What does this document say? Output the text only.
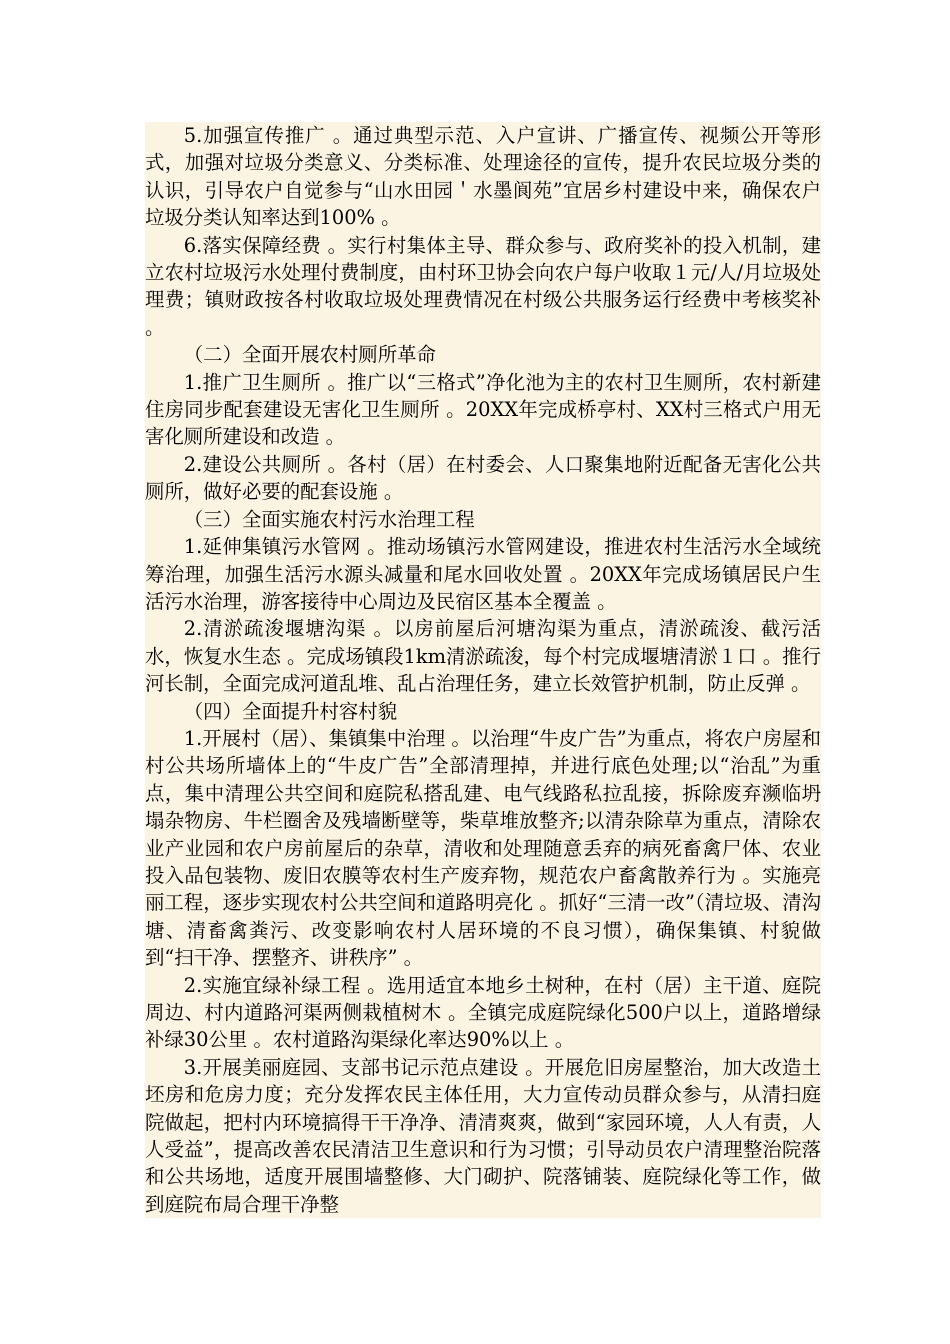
5.加强宣传推广 。通过典型示范、入户宣讲、广播宣传、视频公开等形式，加强对垃圾分类意义、分类标准、处理途径的宣传，提升农民垃圾分类的认识，引导农户自觉参与“山水田园＇水墨阆苑”宜居乡村建设中来，确保农户垃圾分类认知率达到100% 。

6.落实保障经费 。实行村集体主导、群众参与、政府奖补的投入机制，建立农村垃圾污水处理付费制度，由村环卫协会向农户每户收取１元/人/月垃圾处理费；镇财政按各村收取垃圾处理费情况在村级公共服务运行经费中考核奖补 。

（二）全面开展农村厕所革命

1.推广卫生厕所 。推广以“三格式”净化池为主的农村卫生厕所，农村新建住房同步配套建设无害化卫生厕所 。20XX年完成桥亭村、XX村三格式户用无害化厕所建设和改造 。

2.建设公共厕所 。各村（居）在村委会、人口聚集地附近配备无害化公共厕所，做好必要的配套设施 。

（三）全面实施农村污水治理工程

1.延伸集镇污水管网 。推动场镇污水管网建设，推进农村生活污水全域统筹治理，加强生活污水源头减量和尾水回收处置 。20XX年完成场镇居民户生活污水治理，游客接待中心周边及民宿区基本全覆盖 。

2.清淤疏浚堰塘沟渠 。以房前屋后河塘沟渠为重点，清淤疏浚、截污活水，恢复水生态 。完成场镇段1km清淤疏浚，每个村完成堰塘清淤１口 。推行河长制，全面完成河道乱堆、乱占治理任务，建立长效管护机制，防止反弹 。

（四）全面提升村容村貌

1.开展村（居）、集镇集中治理 。以治理“牛皮广告”为重点，将农户房屋和村公共场所墙体上的“牛皮广告”全部清理掉，并进行底色处理;以“治乱”为重点，集中清理公共空间和庭院私搭乱建、电气线路私拉乱接，拆除废弃濒临坍塌杂物房、牛栏圈舍及残墙断壁等，柴草堆放整齐;以清杂除草为重点，清除农业产业园和农户房前屋后的杂草，清收和处理随意丢弃的病死畜禽尸体、农业投入品包装物、废旧农膜等农村生产废弃物，规范农户畜禽散养行为 。实施亮丽工程，逐步实现农村公共空间和道路明亮化 。抓好“三清一改”（清垃圾、清沟塘、清畜禽粪污、改变影响农村人居环境的不良习惯），确保集镇、村貌做到“扫干净、摆整齐、讲秩序” 。

2.实施宜绿补绿工程 。选用适宜本地乡土树种，在村（居）主干道、庭院周边、村内道路河渠两侧栽植树木 。全镇完成庭院绿化500户以上，道路增绿补绿30公里 。农村道路沟渠绿化率达90%以上 。

3.开展美丽庭园、支部书记示范点建设 。开展危旧房屋整治，加大改造土坯房和危房力度；充分发挥农民主体任用，大力宣传动员群众参与，从清扫庭院做起，把村内环境搞得干干净净、清清爽爽，做到“家园环境，人人有责，人人受益”，提高改善农民清洁卫生意识和行为习惯；引导动员农户清理整治院落和公共场地，适度开展围墙整修、大门砌护、院落铺装、庭院绿化等工作，做到庭院布局合理干净整
